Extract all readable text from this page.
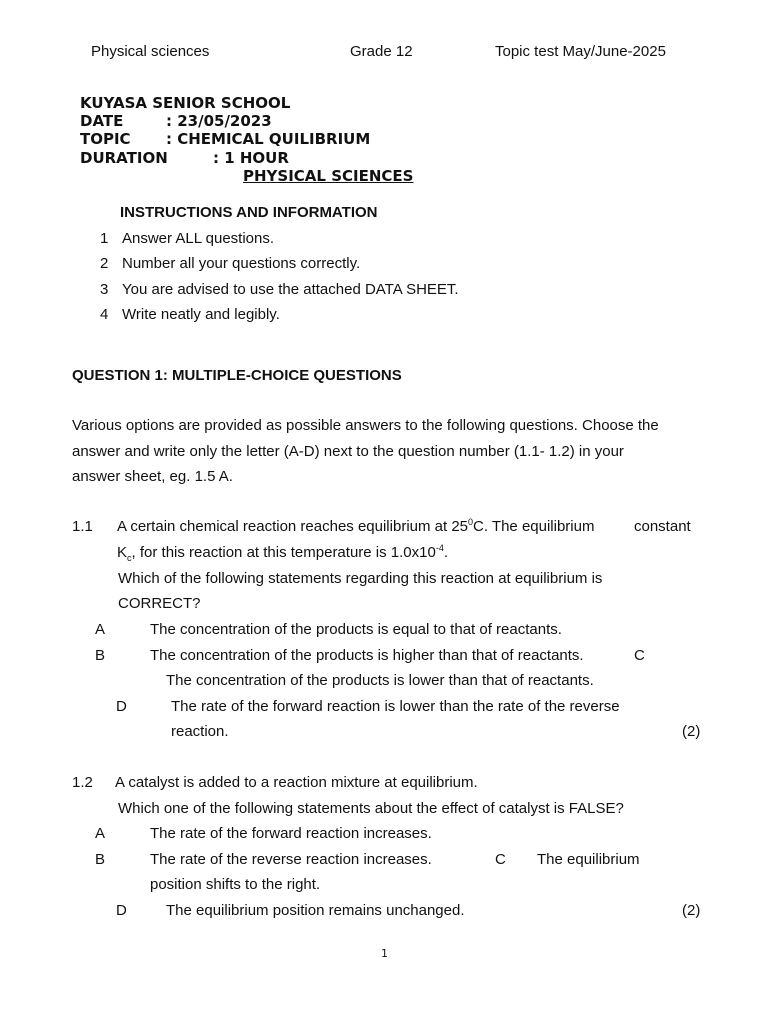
Physical sciences	Grade 12	Topic test May/June-2025
KUYASA SENIOR SCHOOL
DATE	: 23/05/2023
TOPIC : CHEMICAL QUILIBRIUM
DURATION	: 1 HOUR
PHYSICAL SCIENCES
INSTRUCTIONS AND INFORMATION
1 Answer ALL questions.
2 Number all your questions correctly.
3 You are advised to use the attached DATA SHEET.
4 Write neatly and legibly.
QUESTION 1: MULTIPLE-CHOICE QUESTIONS
Various options are provided as possible answers to the following questions. Choose the
answer and write only the letter (A-D) next to the question number (1.1- 1.2) in your
answer sheet, eg. 1.5 A.
1.1 A certain chemical reaction reaches equilibrium at $25^0C$. The equilibrium	constant
$K_c$, for this reaction at this temperature is $1.0x10^{-4}$.
Which of the following statements regarding this reaction at equilibrium is
CORRECT?
A	The concentration of the products is equal to that of reactants.
B	The concentration of the products is higher than that of reactants.	C
The concentration of the products is lower than that of reactants.
D	The rate of the forward reaction is lower than the rate of the reverse
reaction.	(2)
1.2 A catalyst is added to a reaction mixture at equilibrium.
Which one of the following statements about the effect of catalyst is FALSE?
A	The rate of the forward reaction increases.
B	The rate of the reverse reaction increases.	C The equilibrium
position shifts to the right.
D	The equilibrium position remains unchanged.	(2)
1
